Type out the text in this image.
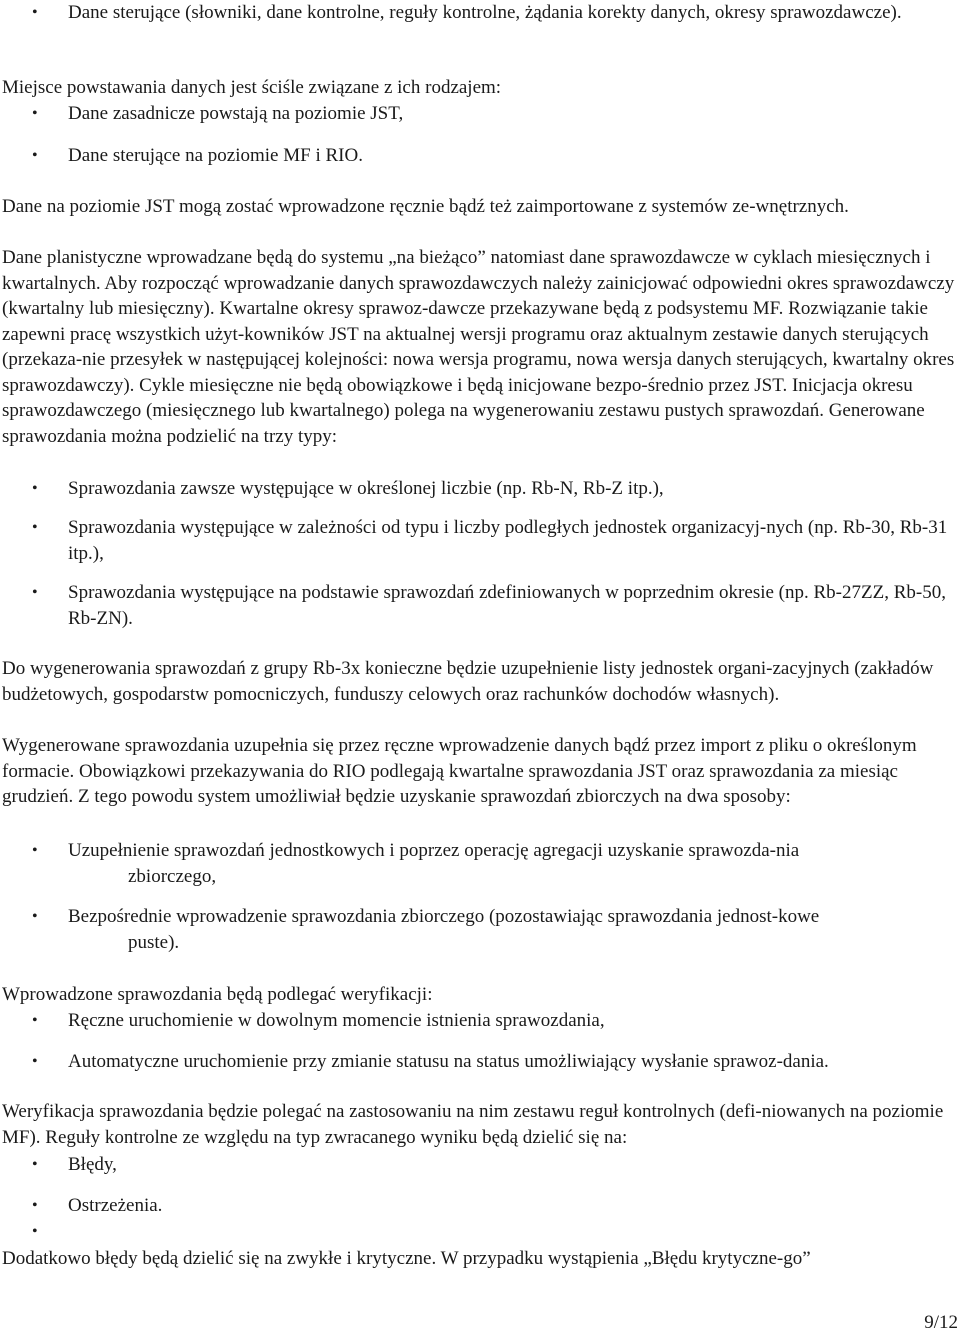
• Dane sterujące (słowniki, dane kontrolne, reguły kontrolne, żądania korekty danych, okresy sprawozdawcze).

Miejsce powstawania danych jest ściśle związane z ich rodzajem:

• Dane zasadnicze powstają na poziomie JST,
• Dane sterujące na poziomie MF i RIO.

Dane na poziomie JST mogą zostać wprowadzone ręcznie bądź też zaimportowane z systemów ze-wnętrznych.

Dane planistyczne wprowadzane będą do systemu „na bieżąco” natomiast dane sprawozdawcze w cyklach miesięcznych i kwartalnych. Aby rozpocząć wprowadzanie danych sprawozdawczych należy zainicjować odpowiedni okres sprawozdawczy (kwartalny lub miesięczny). Kwartalne okresy sprawoz-dawcze przekazywane będą z podsystemu MF. Rozwiązanie takie zapewni pracę wszystkich użyt-kowników JST na aktualnej wersji programu oraz aktualnym zestawie danych sterujących (przekaza-nie przesyłek w następującej kolejności: nowa wersja programu, nowa wersja danych sterujących, kwartalny okres sprawozdawczy). Cykle miesięczne nie będą obowiązkowe i będą inicjowane bezpo-średnio przez JST. Inicjacja okresu sprawozdawczego (miesięcznego lub kwartalnego) polega na wygenerowaniu zestawu pustych sprawozdań. Generowane sprawozdania można podzielić na trzy typy:

• Sprawozdania zawsze występujące w określonej liczbie (np. Rb-N, Rb-Z itp.),
• Sprawozdania występujące w zależności od typu i liczby podległych jednostek organizacyj-nych (np. Rb-30, Rb-31 itp.),
• Sprawozdania występujące na podstawie sprawozdań zdefiniowanych w poprzednim okresie (np. Rb-27ZZ, Rb-50, Rb-ZN).

Do wygenerowania sprawozdań z grupy Rb-3x konieczne będzie uzupełnienie listy jednostek organi-zacyjnych (zakładów budżetowych, gospodarstw pomocniczych, funduszy celowych oraz rachunków dochodów własnych).

Wygenerowane sprawozdania uzupełnia się przez ręczne wprowadzenie danych bądź przez import z pliku o określonym formacie. Obowiązkowi przekazywania do RIO podlegają kwartalne sprawozdania JST oraz sprawozdania za miesiąc grudzień. Z tego powodu system umożliwiał będzie uzyskanie sprawozdań zbiorczych na dwa sposoby:

• Uzupełnienie sprawozdań jednostkowych i poprzez operację agregacji uzyskanie sprawozda-nia
zbiorczego,
• Bezpośrednie wprowadzenie sprawozdania zbiorczego (pozostawiając sprawozdania jednost-kowe
puste).

Wprowadzone sprawozdania będą podlegać weryfikacji:

• Ręczne uruchomienie w dowolnym momencie istnienia sprawozdania,
• Automatyczne uruchomienie przy zmianie statusu na status umożliwiający wysłanie sprawoz-dania.

Weryfikacja sprawozdania będzie polegać na zastosowaniu na nim zestawu reguł kontrolnych (defi-niowanych na poziomie MF). Reguły kontrolne ze względu na typ zwracanego wyniku będą dzielić się na:

• Błędy,
• Ostrzeżenia.
•

Dodatkowo błędy będą dzielić się na zwykłe i krytyczne. W przypadku wystąpienia „Błędu krytyczne-go”

9/12
